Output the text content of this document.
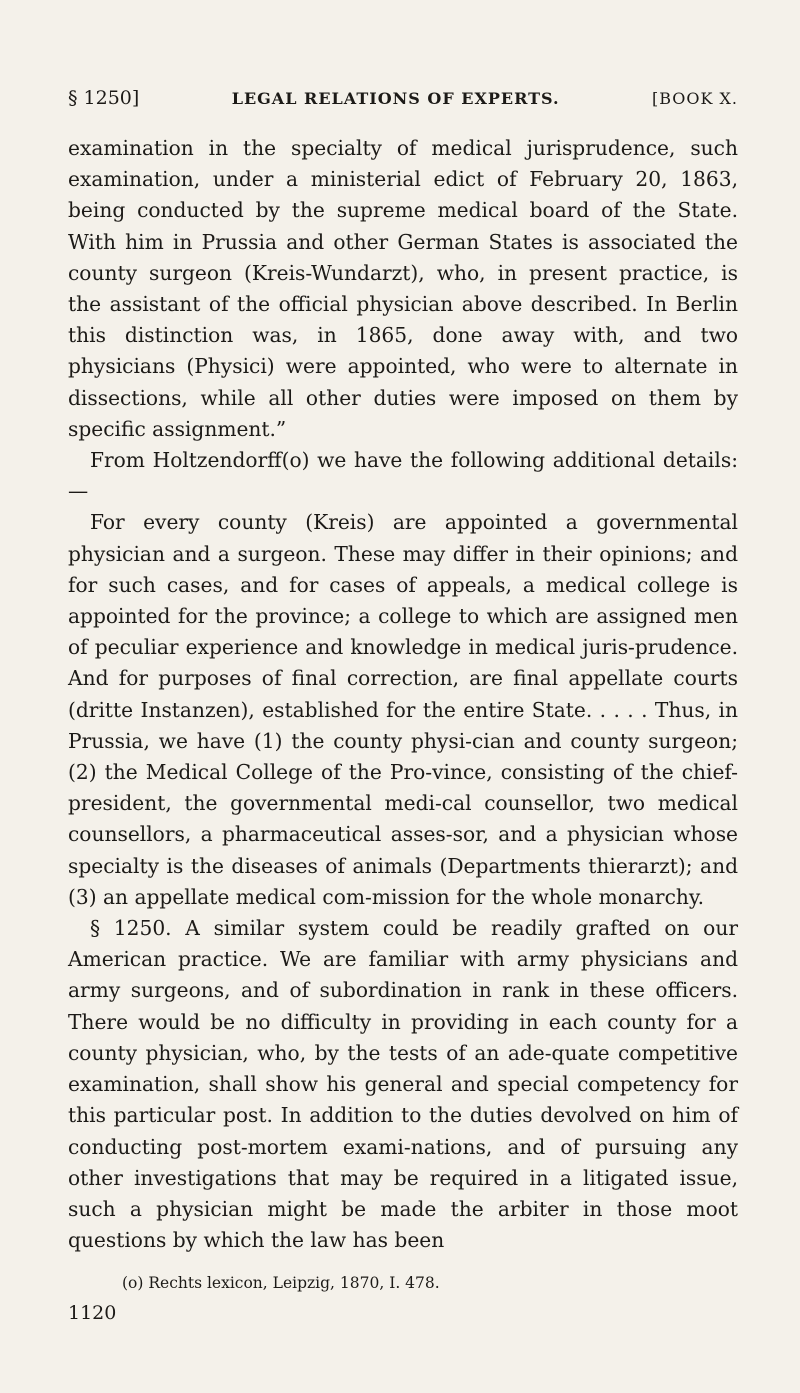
§ 1250]	LEGAL RELATIONS OF EXPERTS.	[BOOK X.

examination in the specialty of medical jurisprudence, such examination, under a ministerial edict of February 20, 1863, being conducted by the supreme medical board of the State. With him in Prussia and other German States is associated the county surgeon (Kreis-Wundarzt), who, in present practice, is the assistant of the official physician above described. In Berlin this distinction was, in 1865, done away with, and two physicians (Physici) were appointed, who were to alternate in dissections, while all other duties were imposed on them by specific assignment.”

From Holtzendorff(o) we have the following additional details:—

For every county (Kreis) are appointed a governmental physician and a surgeon. These may differ in their opinions; and for such cases, and for cases of appeals, a medical college is appointed for the province; a college to which are assigned men of peculiar experience and knowledge in medical juris-prudence. And for purposes of final correction, are final appellate courts (dritte Instanzen), established for the entire State. . . . . Thus, in Prussia, we have (1) the county physi-cian and county surgeon; (2) the Medical College of the Pro-vince, consisting of the chief-president, the governmental medi-cal counsellor, two medical counsellors, a pharmaceutical asses-sor, and a physician whose specialty is the diseases of animals (Departments thierarzt); and (3) an appellate medical com-mission for the whole monarchy.

§ 1250. A similar system could be readily grafted on our American practice. We are familiar with army physicians and army surgeons, and of subordination in rank in these officers. There would be no difficulty in providing in each county for a county physician, who, by the tests of an ade-quate competitive examination, shall show his general and special competency for this particular post. In addition to the duties devolved on him of conducting post-mortem exami-nations, and of pursuing any other investigations that may be required in a litigated issue, such a physician might be made the arbiter in those moot questions by which the law has been

(o) Rechts lexicon, Leipzig, 1870, I. 478.
1120
